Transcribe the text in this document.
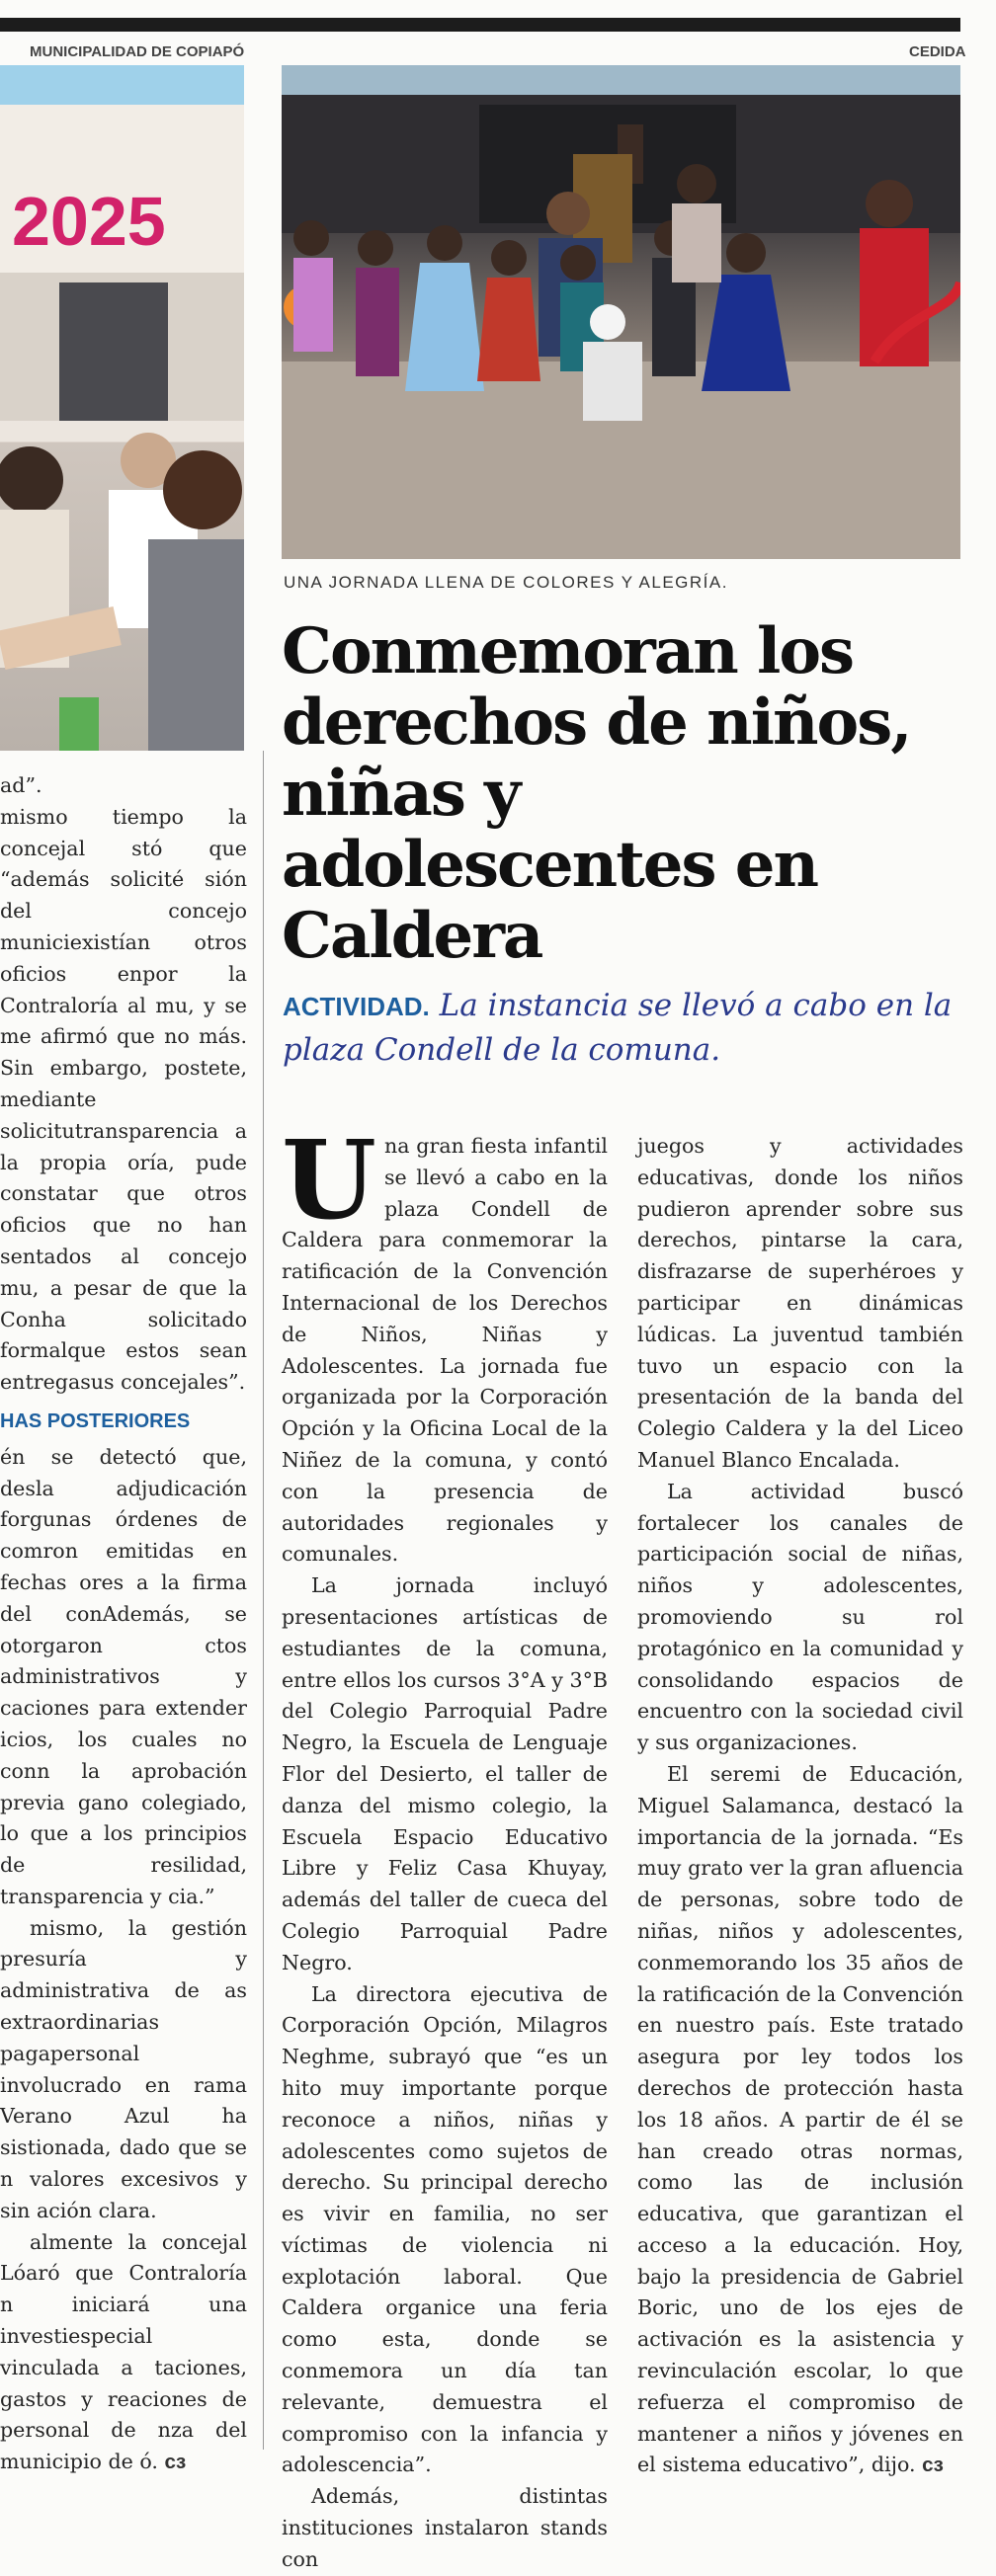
MUNICIPALIDAD DE COPIAPÓ	CEDIDA
2025
UNA JORNADA LLENA DE COLORES Y ALEGRÍA.
Conmemoran los derechos de niños, niñas y adolescentes en Caldera
ACTIVIDAD. La instancia se llevó a cabo en la plaza Condell de la comuna.

ad”.

mismo tiempo la concejal stó que “además solicité sión del concejo municiexistían otros oficios enpor la Contraloría al mu, y se me afirmó que no más. Sin embargo, postete, mediante solicitutransparencia a la propia oría, pude constatar que otros oficios que no han sentados al concejo mu, a pesar de que la Conha solicitado formalque estos sean entregasus concejales”.

HAS POSTERIORES

én se detectó que, desla adjudicación forgunas órdenes de comron emitidas en fechas ores a la firma del conAdemás, se otorgaron ctos administrativos y caciones para extender icios, los cuales no conn la aprobación previa gano colegiado, lo que a los principios de resilidad, transparencia y cia.”

mismo, la gestión presuría y administrativa de as extraordinarias pagapersonal involucrado en rama Verano Azul ha sistionada, dado que se n valores excesivos y sin ación clara.

almente la concejal Lóaró que Contraloría n iniciará una investiespecial vinculada a taciones, gastos y reaciones de personal de nza del municipio de ó. cз

Una gran fiesta infantil se llevó a cabo en la plaza Condell de Caldera para conmemorar la ratificación de la Convención Internacional de los Derechos de Niños, Niñas y Adolescentes. La jornada fue organizada por la Corporación Opción y la Oficina Local de la Niñez de la comuna, y contó con la presencia de autoridades regionales y comunales.

La jornada incluyó presentaciones artísticas de estudiantes de la comuna, entre ellos los cursos 3°A y 3°B del Colegio Parroquial Padre Negro, la Escuela de Lenguaje Flor del Desierto, el taller de danza del mismo colegio, la Escuela Espacio Educativo Libre y Feliz Casa Khuyay, además del taller de cueca del Colegio Parroquial Padre Negro.

La directora ejecutiva de Corporación Opción, Milagros Neghme, subrayó que “es un hito muy importante porque reconoce a niños, niñas y adolescentes como sujetos de derecho. Su principal derecho es vivir en familia, no ser víctimas de violencia ni explotación laboral. Que Caldera organice una feria como esta, donde se conmemora un día tan relevante, demuestra el compromiso con la infancia y adolescencia”.

Además, distintas instituciones instalaron stands con

juegos y actividades educativas, donde los niños pudieron aprender sobre sus derechos, pintarse la cara, disfrazarse de superhéroes y participar en dinámicas lúdicas. La juventud también tuvo un espacio con la presentación de la banda del Colegio Caldera y la del Liceo Manuel Blanco Encalada.

La actividad buscó fortalecer los canales de participación social de niñas, niños y adolescentes, promoviendo su rol protagónico en la comunidad y consolidando espacios de encuentro con la sociedad civil y sus organizaciones.

El seremi de Educación, Miguel Salamanca, destacó la importancia de la jornada. “Es muy grato ver la gran afluencia de personas, sobre todo de niñas, niños y adolescentes, conmemorando los 35 años de la ratificación de la Convención en nuestro país. Este tratado asegura por ley todos los derechos de protección hasta los 18 años. A partir de él se han creado otras normas, como las de inclusión educativa, que garantizan el acceso a la educación. Hoy, bajo la presidencia de Gabriel Boric, uno de los ejes de activación es la asistencia y revinculación escolar, lo que refuerza el compromiso de mantener a niños y jóvenes en el sistema educativo”, dijo. cз
